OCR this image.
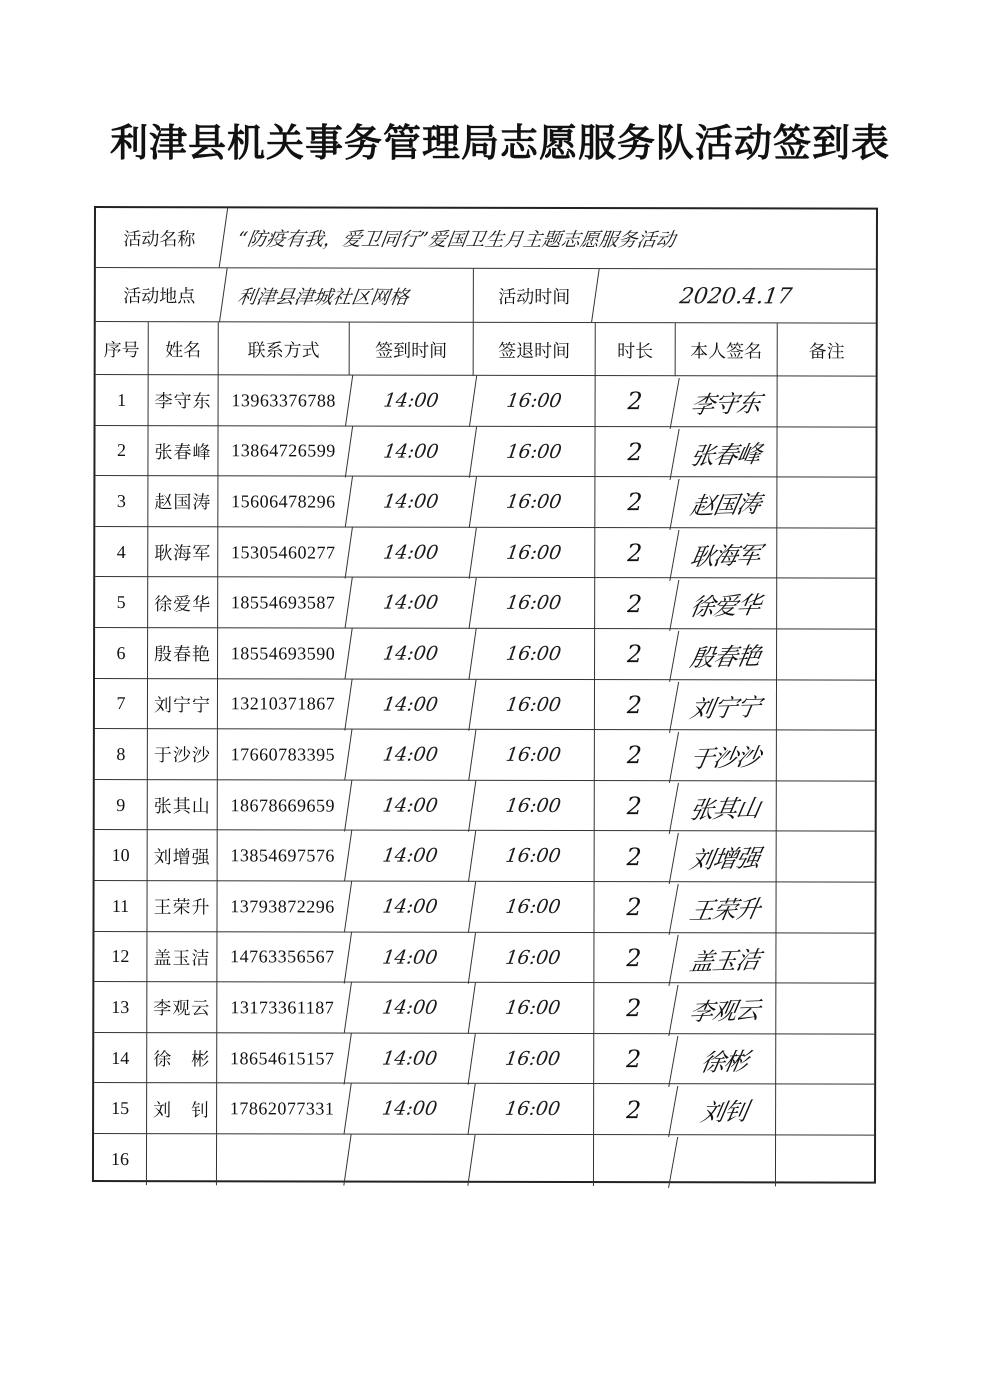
利津县机关事务管理局志愿服务队活动签到表
活动名称	“防疫有我，爱卫同行”爱国卫生月主题志愿服务活动
活动地点	利津县津城社区网格	活动时间	2020.4.17
序号	姓名	联系方式	签到时间	签退时间	时长	本人签名	备注
1	李守东	13963376788	14:00	16:00	2	李守东
2	张春峰	13864726599	14:00	16:00	2	张春峰
3	赵国涛	15606478296	14:00	16:00	2	赵国涛
4	耿海军	15305460277	14:00	16:00	2	耿海军
5	徐爱华	18554693587	14:00	16:00	2	徐爱华
6	殷春艳	18554693590	14:00	16:00	2	殷春艳
7	刘宁宁	13210371867	14:00	16:00	2	刘宁宁
8	于沙沙	17660783395	14:00	16:00	2	于沙沙
9	张其山	18678669659	14:00	16:00	2	张其山
10	刘增强	13854697576	14:00	16:00	2	刘增强
11	王荣升	13793872296	14:00	16:00	2	王荣升
12	盖玉洁	14763356567	14:00	16:00	2	盖玉洁
13	李观云	13173361187	14:00	16:00	2	李观云
14	徐　彬	18654615157	14:00	16:00	2	徐彬
15	刘　钊	17862077331	14:00	16:00	2	刘钊
16
